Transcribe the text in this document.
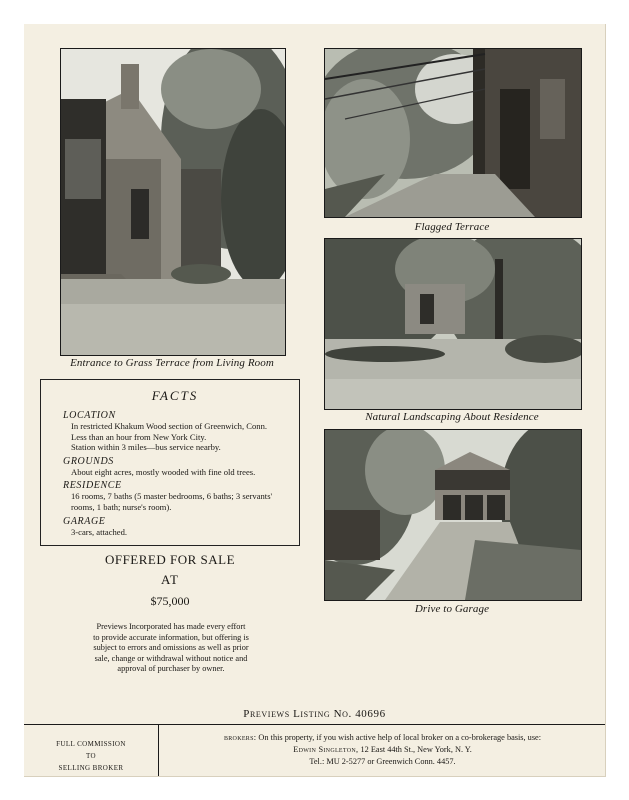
Entrance to Grass Terrace from Living Room
Flagged Terrace
Natural Landscaping About Residence
Drive to Garage
FACTS
LOCATION
In restricted Khakum Wood section of Greenwich, Conn.
Less than an hour from New York City.
Station within 3 miles—bus service nearby.
GROUNDS
About eight acres, mostly wooded with fine old trees.
RESIDENCE
16 rooms, 7 baths (5 master bedrooms, 6 baths; 3 servants'
rooms, 1 bath; nurse's room).
GARAGE
3-cars, attached.
OFFERED FOR SALE
AT
$75,000
Previews Incorporated has made every effort
to provide accurate information, but offering is
subject to errors and omissions as well as prior
sale, change or withdrawal without notice and
approval of purchaser by owner.
Previews Listing No. 40696
FULL COMMISSION
TO
SELLING BROKER
brokers: On this property, if you wish active help of local broker on a co-brokerage basis, use:
Edwin Singleton, 12 East 44th St., New York, N. Y.
Tel.: MU 2-5277 or Greenwich Conn. 4457.
